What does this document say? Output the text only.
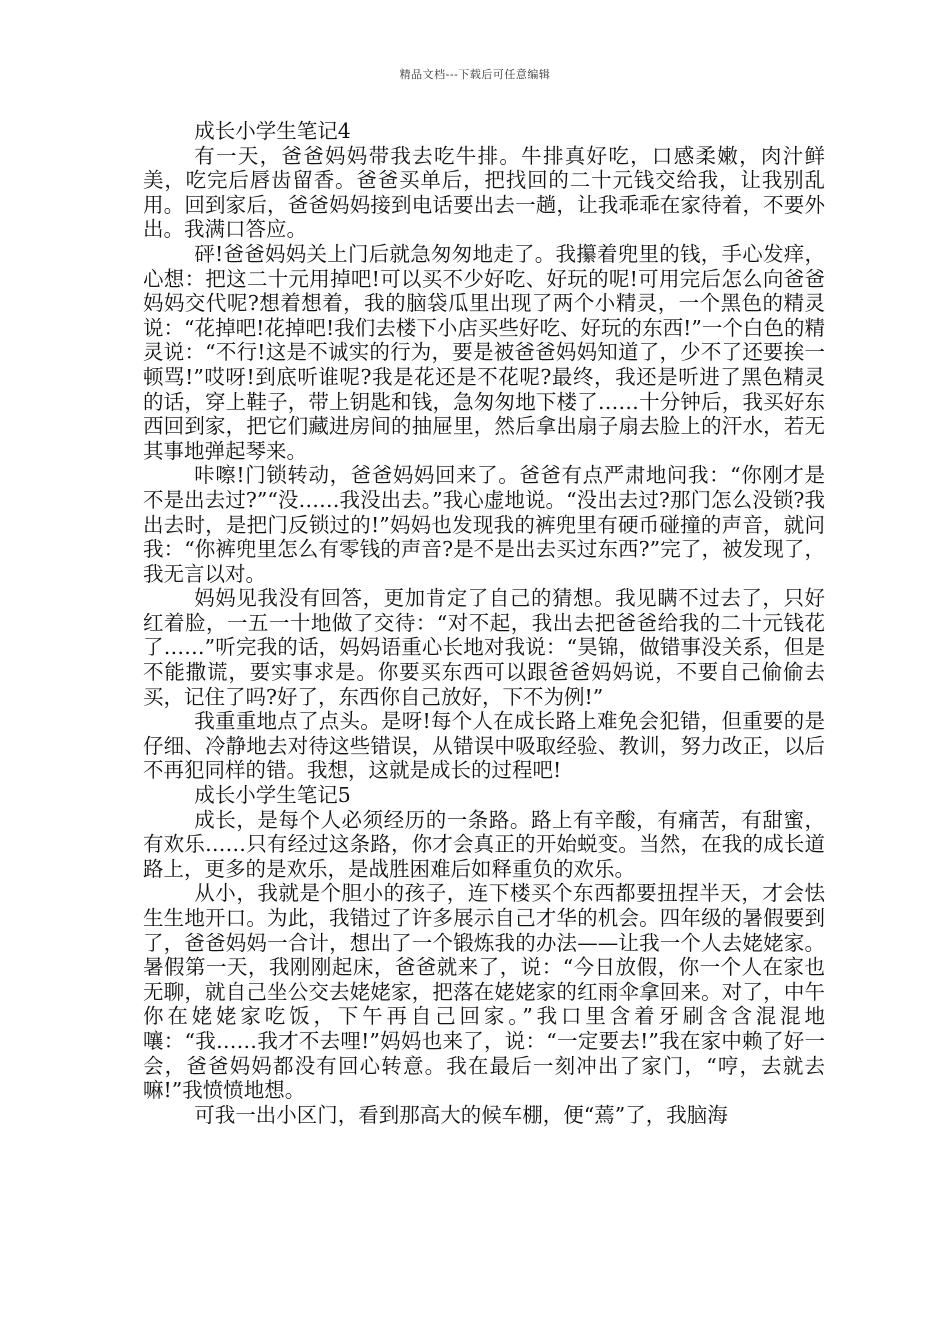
精品文档---下载后可任意编辑

成长小学生笔记4

有一天，爸爸妈妈带我去吃牛排。牛排真好吃，口感柔嫩，肉汁鲜美，吃完后唇齿留香。爸爸买单后，把找回的二十元钱交给我，让我别乱用。回到家后，爸爸妈妈接到电话要出去一趟，让我乖乖在家待着，不要外出。我满口答应。

砰!爸爸妈妈关上门后就急匆匆地走了。我攥着兜里的钱，手心发痒，心想：把这二十元用掉吧!可以买不少好吃、好玩的呢!可用完后怎么向爸爸妈妈交代呢?想着想着，我的脑袋瓜里出现了两个小精灵，一个黑色的精灵说：“花掉吧!花掉吧!我们去楼下小店买些好吃、好玩的东西!”一个白色的精灵说：“不行!这是不诚实的行为，要是被爸爸妈妈知道了，少不了还要挨一顿骂!”哎呀!到底听谁呢?我是花还是不花呢?最终，我还是听进了黑色精灵的话，穿上鞋子，带上钥匙和钱，急匆匆地下楼了……十分钟后，我买好东西回到家，把它们藏进房间的抽屉里，然后拿出扇子扇去脸上的汗水，若无其事地弹起琴来。

咔嚓!门锁转动，爸爸妈妈回来了。爸爸有点严肃地问我：“你刚才是不是出去过?”“没……我没出去。”我心虚地说。“没出去过?那门怎么没锁?我出去时，是把门反锁过的!”妈妈也发现我的裤兜里有硬币碰撞的声音，就问我：“你裤兜里怎么有零钱的声音?是不是出去买过东西?”完了，被发现了，我无言以对。

妈妈见我没有回答，更加肯定了自己的猜想。我见瞒不过去了，只好红着脸，一五一十地做了交待：“对不起，我出去把爸爸给我的二十元钱花了……”听完我的话，妈妈语重心长地对我说：“昊锦，做错事没关系，但是不能撒谎，要实事求是。你要买东西可以跟爸爸妈妈说，不要自己偷偷去买，记住了吗?好了，东西你自己放好，下不为例!”

我重重地点了点头。是呀!每个人在成长路上难免会犯错，但重要的是仔细、冷静地去对待这些错误，从错误中吸取经验、教训，努力改正，以后不再犯同样的错。我想，这就是成长的过程吧!

成长小学生笔记5

成长，是每个人必须经历的一条路。路上有辛酸，有痛苦，有甜蜜，有欢乐……只有经过这条路，你才会真正的开始蜕变。当然，在我的成长道路上，更多的是欢乐，是战胜困难后如释重负的欢乐。

从小，我就是个胆小的孩子，连下楼买个东西都要扭捏半天，才会怯生生地开口。为此，我错过了许多展示自己才华的机会。四年级的暑假要到了，爸爸妈妈一合计，想出了一个锻炼我的办法——让我一个人去姥姥家。暑假第一天，我刚刚起床，爸爸就来了，说：“今日放假，你一个人在家也无聊，就自己坐公交去姥姥家，把落在姥姥家的红雨伞拿回来。对了，中午你在姥姥家吃饭，下午再自己回家。”我口里含着牙刷含含混混地嚷：“我……我才不去哩!”妈妈也来了，说：“一定要去!”我在家中赖了好一会，爸爸妈妈都没有回心转意。我在最后一刻冲出了家门，“哼，去就去嘛!”我愤愤地想。

可我一出小区门，看到那高大的候车棚，便“蔫”了，我脑海
